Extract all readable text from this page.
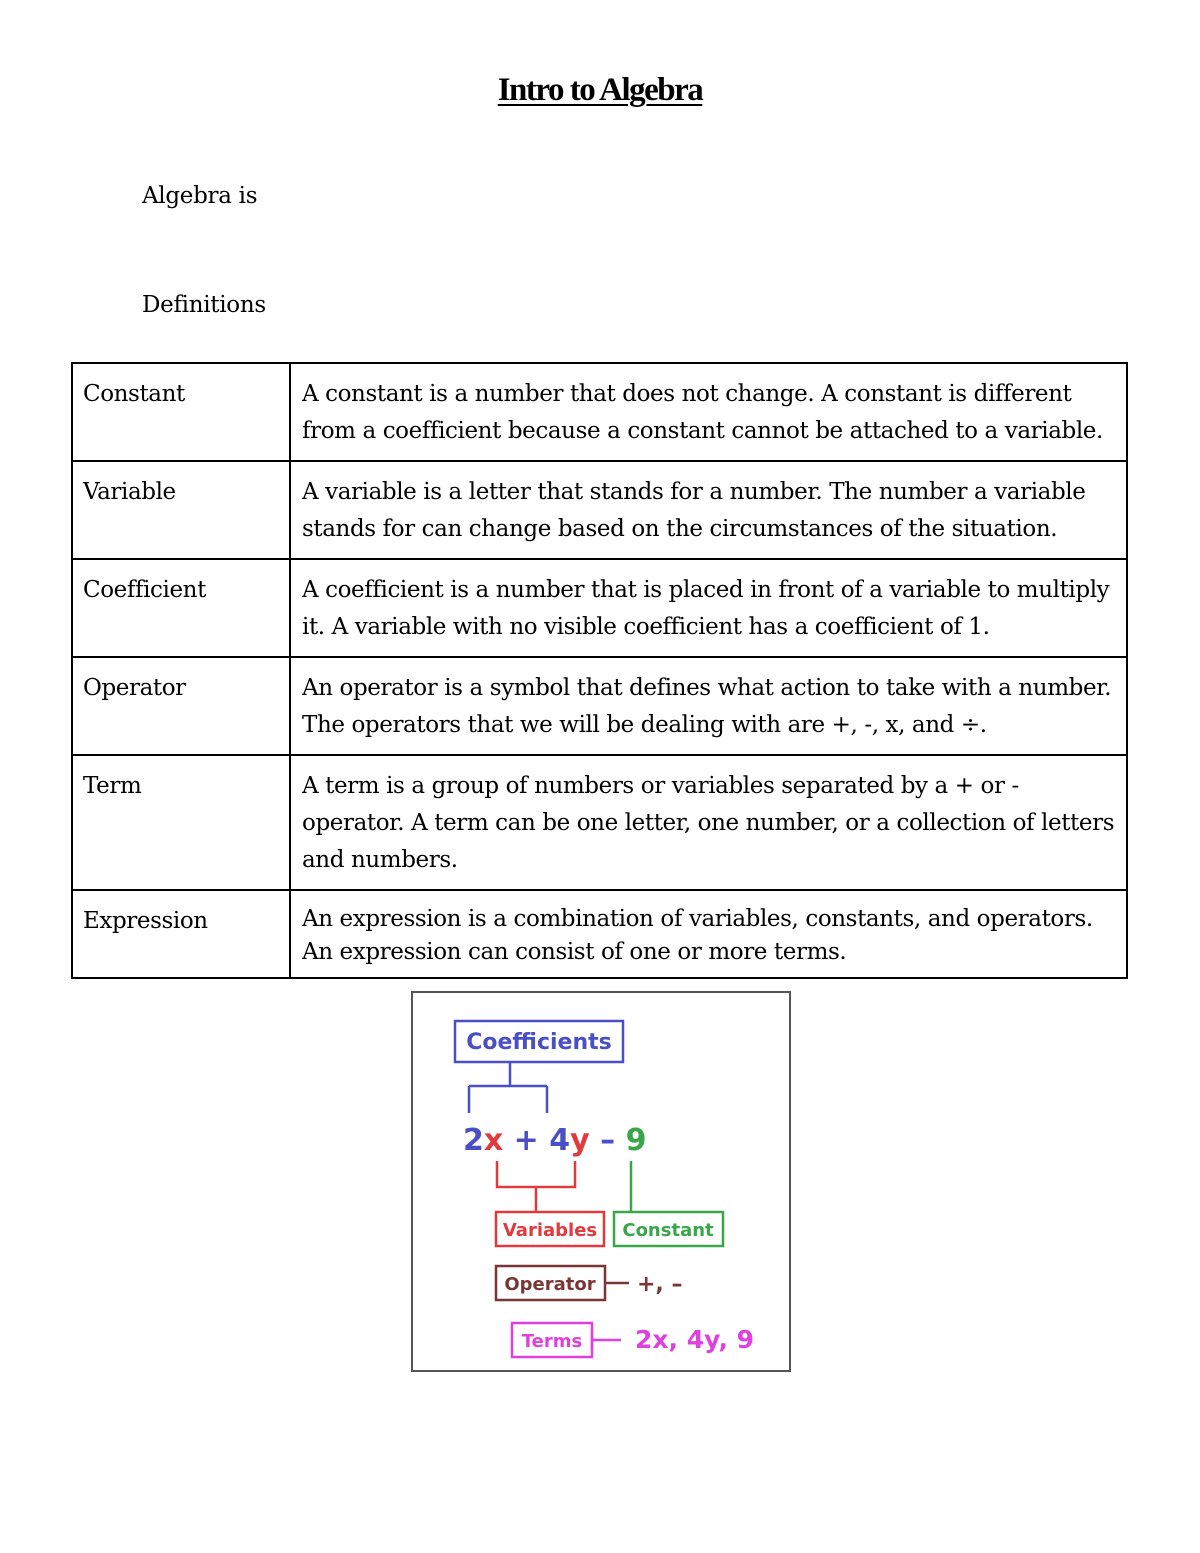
Intro to Algebra
Algebra is
Definitions
Constant	A constant is a number that does not change. A constant is different from a coefficient because a constant cannot be attached to a variable.
Variable	A variable is a letter that stands for a number. The number a variable stands for can change based on the circumstances of the situation.
Coefficient	A coefficient is a number that is placed in front of a variable to multiply it. A variable with no visible coefficient has a coefficient of 1.
Operator	An operator is a symbol that defines what action to take with a number. The operators that we will be dealing with are +, -, x, and ÷.
Term	A term is a group of numbers or variables separated by a + or - operator. A term can be one letter, one number, or a collection of letters and numbers.
Expression	An expression is a combination of variables, constants, and operators. An expression can consist of one or more terms.
Coefficients
2x + 4y – 9
Variables Constant
Operator +, –
Terms 2x, 4y, 9
